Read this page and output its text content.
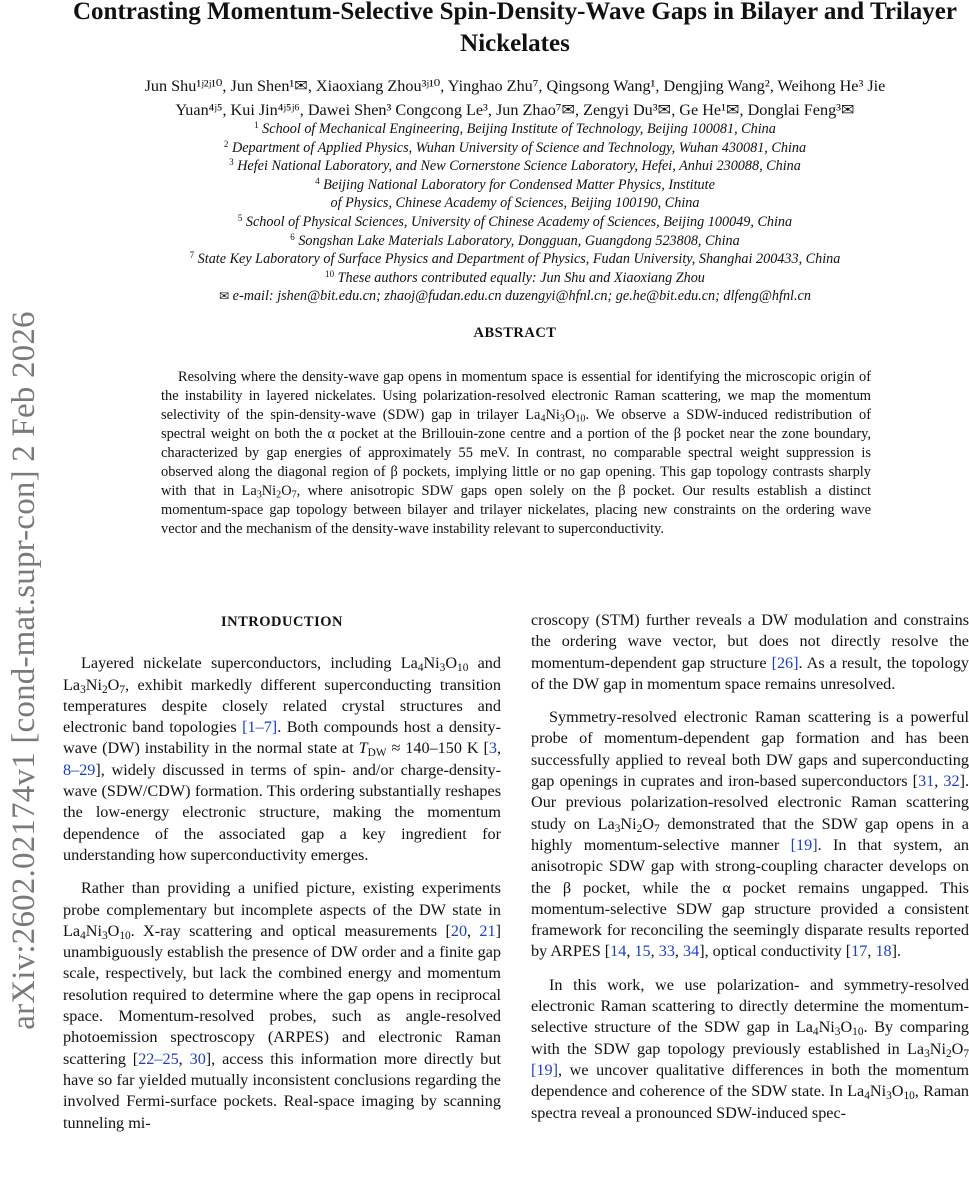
arXiv:2602.02174v1 [cond-mat.supr-con] 2 Feb 2026
Contrasting Momentum-Selective Spin-Density-Wave Gaps in Bilayer and Trilayer Nickelates
Jun Shu¹ʲ²ʲ¹⁰, Jun Shen¹✉, Xiaoxiang Zhou³ʲ¹⁰, Yinghao Zhu⁷, Qingsong Wang¹, Dengjing Wang², Weihong He³ Jie
Yuan⁴ʲ⁵, Kui Jin⁴ʲ⁵ʲ⁶, Dawei Shen³ Congcong Le³, Jun Zhao⁷✉, Zengyi Du³✉, Ge He¹✉, Donglai Feng³✉
$^1$ School of Mechanical Engineering, Beijing Institute of Technology, Beijing 100081, China
$^2$ Department of Applied Physics, Wuhan University of Science and Technology, Wuhan 430081, China
$^3$ Hefei National Laboratory, and New Cornerstone Science Laboratory, Hefei, Anhui 230088, China
$^4$ Beijing National Laboratory for Condensed Matter Physics, Institute
of Physics, Chinese Academy of Sciences, Beijing 100190, China
$^5$ School of Physical Sciences, University of Chinese Academy of Sciences, Beijing 100049, China
$^6$ Songshan Lake Materials Laboratory, Dongguan, Guangdong 523808, China
$^7$ State Key Laboratory of Surface Physics and Department of Physics, Fudan University, Shanghai 200433, China
$^{10}$ These authors contributed equally: Jun Shu and Xiaoxiang Zhou
✉ e-mail: jshen@bit.edu.cn; zhaoj@fudan.edu.cn duzengyi@hfnl.cn; ge.he@bit.edu.cn; dlfeng@hfnl.cn
ABSTRACT
Resolving where the density-wave gap opens in momentum space is essential for identifying the microscopic origin of the instability in layered nickelates. Using polarization-resolved electronic Raman scattering, we map the momentum selectivity of the spin-density-wave (SDW) gap in trilayer $La_4Ni_3O_{10}$. We observe a SDW-induced redistribution of spectral weight on both the α pocket at the Brillouin-zone centre and a portion of the β pocket near the zone boundary, characterized by gap energies of approximately 55 meV. In contrast, no comparable spectral weight suppression is observed along the diagonal region of β pockets, implying little or no gap opening. This gap topology contrasts sharply with that in $La_3Ni_2O_7$, where anisotropic SDW gaps open solely on the β pocket. Our results establish a distinct momentum-space gap topology between bilayer and trilayer nickelates, placing new constraints on the ordering wave vector and the mechanism of the density-wave instability relevant to superconductivity.
INTRODUCTION

Layered nickelate superconductors, including $La_4Ni_3O_{10}$ and $La_3Ni_2O_7$, exhibit markedly different superconducting transition temperatures despite closely related crystal structures and electronic band topologies [1–7]. Both compounds host a density-wave (DW) instability in the normal state at $T_{DW} \approx 140-150$ K [3, 8–29], widely discussed in terms of spin- and/or charge-density-wave (SDW/CDW) formation. This ordering substantially reshapes the low-energy electronic structure, making the momentum dependence of the associated gap a key ingredient for understanding how superconductivity emerges.

Rather than providing a unified picture, existing experiments probe complementary but incomplete aspects of the DW state in $La_4Ni_3O_{10}$. X-ray scattering and optical measurements [20, 21] unambiguously establish the presence of DW order and a finite gap scale, respectively, but lack the combined energy and momentum resolution required to determine where the gap opens in reciprocal space. Momentum-resolved probes, such as angle-resolved photoemission spectroscopy (ARPES) and electronic Raman scattering [22–25, 30], access this information more directly but have so far yielded mutually inconsistent conclusions regarding the involved Fermi-surface pockets. Real-space imaging by scanning tunneling mi-

croscopy (STM) further reveals a DW modulation and constrains the ordering wave vector, but does not directly resolve the momentum-dependent gap structure [26]. As a result, the topology of the DW gap in momentum space remains unresolved.

Symmetry-resolved electronic Raman scattering is a powerful probe of momentum-dependent gap formation and has been successfully applied to reveal both DW gaps and superconducting gap openings in cuprates and iron-based superconductors [31, 32]. Our previous polarization-resolved electronic Raman scattering study on $La_3Ni_2O_7$ demonstrated that the SDW gap opens in a highly momentum-selective manner [19]. In that system, an anisotropic SDW gap with strong-coupling character develops on the β pocket, while the α pocket remains ungapped. This momentum-selective SDW gap structure provided a consistent framework for reconciling the seemingly disparate results reported by ARPES [14, 15, 33, 34], optical conductivity [17, 18].

In this work, we use polarization- and symmetry-resolved electronic Raman scattering to directly determine the momentum-selective structure of the SDW gap in $La_4Ni_3O_{10}$. By comparing with the SDW gap topology previously established in $La_3Ni_2O_7$ [19], we uncover qualitative differences in both the momentum dependence and coherence of the SDW state. In $La_4Ni_3O_{10}$, Raman spectra reveal a pronounced SDW-induced spec-
